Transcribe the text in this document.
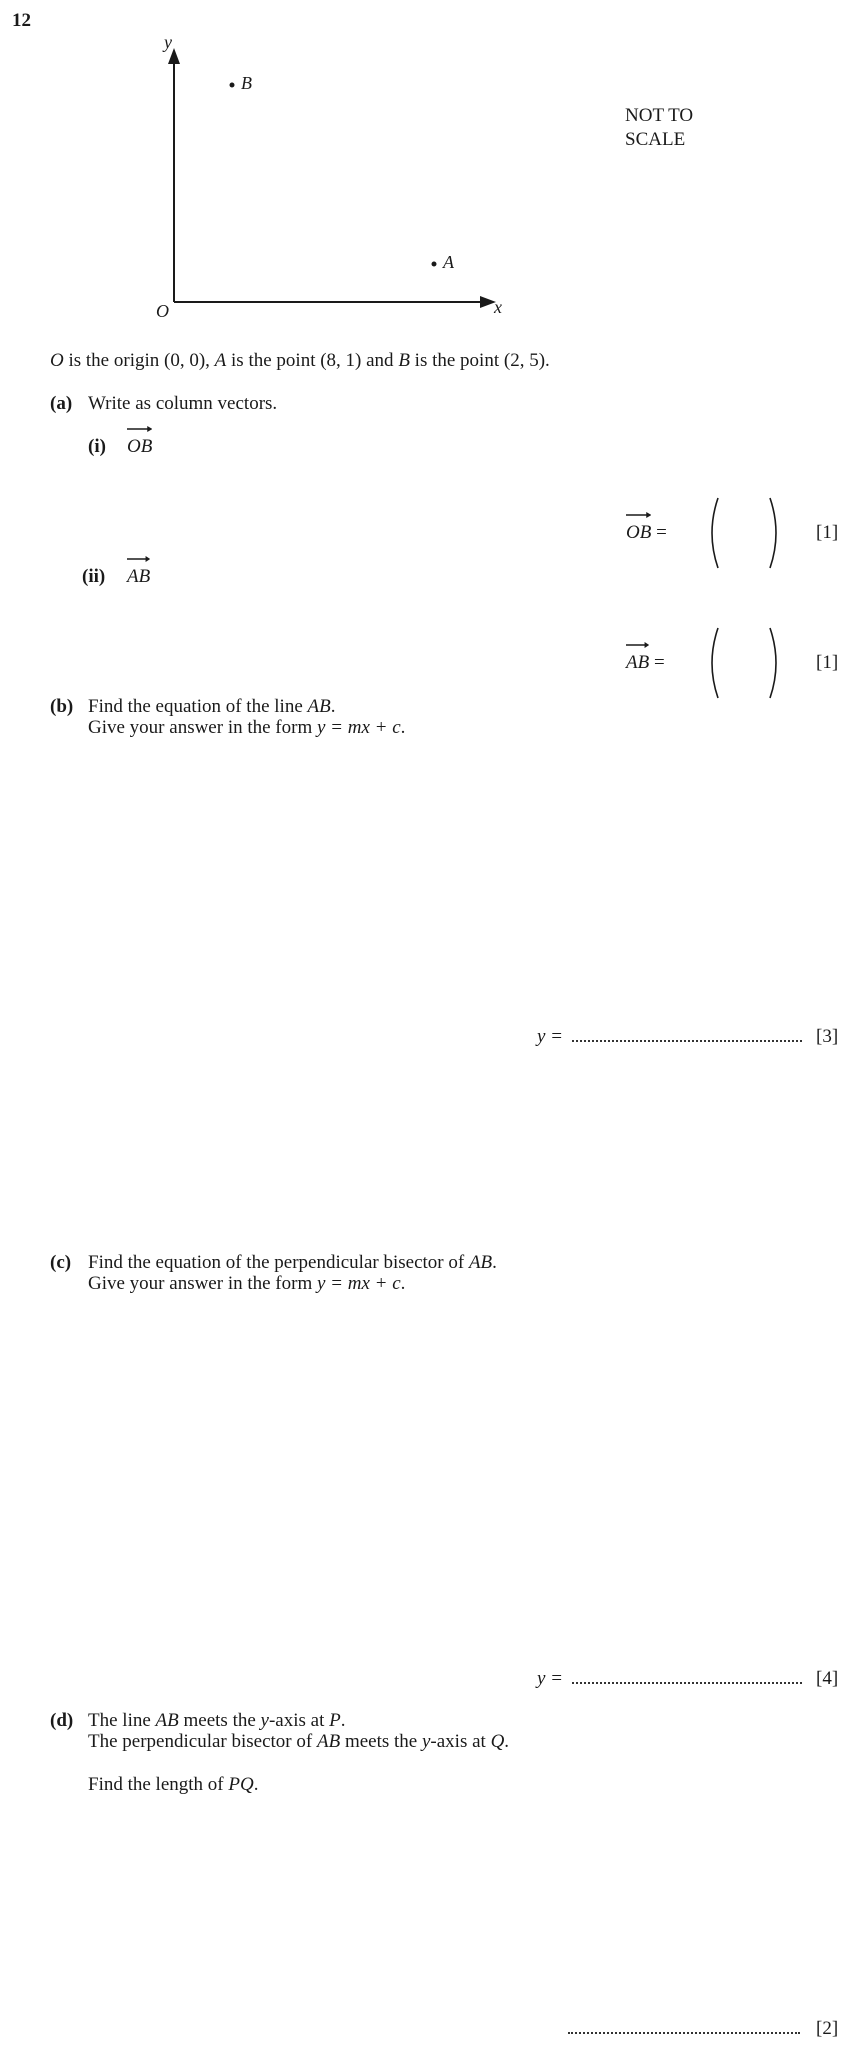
12
y
x
O
B
A
NOT TO
SCALE
O is the origin (0, 0), A is the point (8, 1) and B is the point (2, 5).
(a) Write as column vectors.
(i) OB
OB =	[1]
(ii) AB
AB =	[1]
(b) Find the equation of the line AB.
Give your answer in the form y = mx + c.
y =	[3]
(c) Find the equation of the perpendicular bisector of AB.
Give your answer in the form y = mx + c.
y =	[4]
(d) The line AB meets the y-axis at P.
The perpendicular bisector of AB meets the y-axis at Q.
Find the length of PQ.
[2]
